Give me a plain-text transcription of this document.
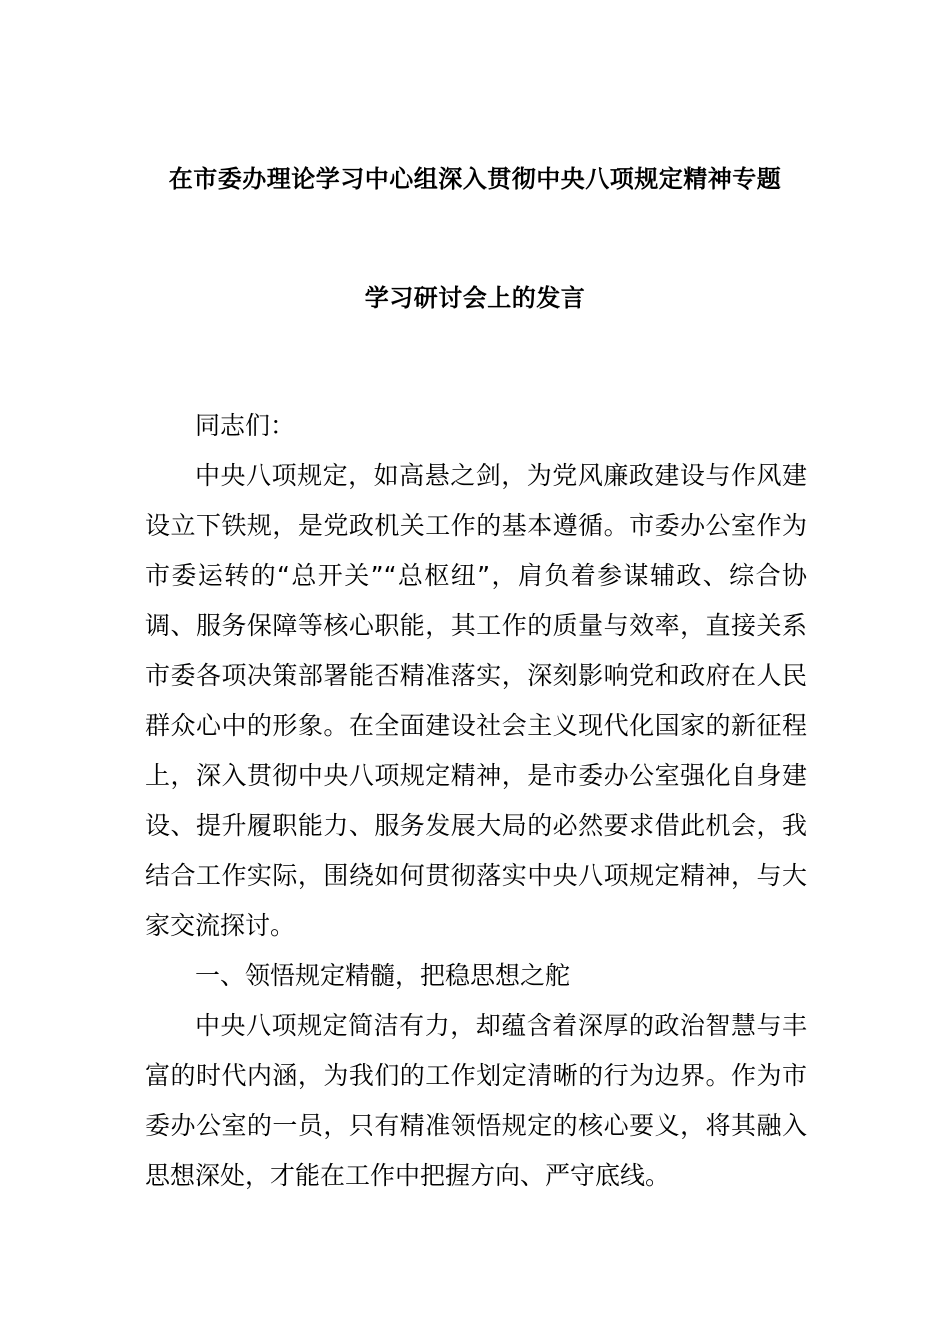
在市委办理论学习中心组深入贯彻中央八项规定精神专题
学习研讨会上的发言

同志们：

中央八项规定，如高悬之剑，为党风廉政建设与作风建设立下铁规，是党政机关工作的基本遵循。市委办公室作为市委运转的“总开关”“总枢纽”，肩负着参谋辅政、综合协调、服务保障等核心职能，其工作的质量与效率，直接关系市委各项决策部署能否精准落实，深刻影响党和政府在人民群众心中的形象。在全面建设社会主义现代化国家的新征程上，深入贯彻中央八项规定精神，是市委办公室强化自身建设、提升履职能力、服务发展大局的必然要求借此机会，我结合工作实际，围绕如何贯彻落实中央八项规定精神，与大家交流探讨。

一、领悟规定精髓，把稳思想之舵

中央八项规定简洁有力，却蕴含着深厚的政治智慧与丰富的时代内涵，为我们的工作划定清晰的行为边界。作为市委办公室的一员，只有精准领悟规定的核心要义，将其融入思想深处，才能在工作中把握方向、严守底线。
